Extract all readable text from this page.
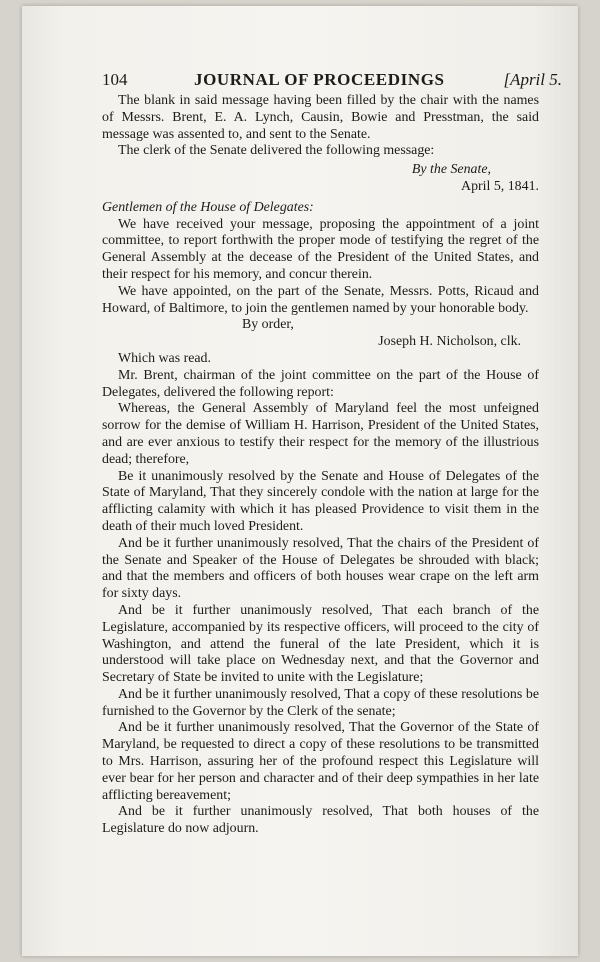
104	JOURNAL OF PROCEEDINGS	[April 5.

The blank in said message having been filled by the chair with the names of Messrs. Brent, E. A. Lynch, Causin, Bowie and Presstman, the said message was assented to, and sent to the Senate.

The clerk of the Senate delivered the following message:

By the Senate,

April 5, 1841.

Gentlemen of the House of Delegates:

We have received your message, proposing the appointment of a joint committee, to report forthwith the proper mode of testifying the regret of the General Assembly at the decease of the President of the United States, and their respect for his memory, and concur therein.

We have appointed, on the part of the Senate, Messrs. Potts, Ricaud and Howard, of Baltimore, to join the gentlemen named by your honorable body.

By order,

Joseph H. Nicholson, clk.

Which was read.

Mr. Brent, chairman of the joint committee on the part of the House of Delegates, delivered the following report:

Whereas, the General Assembly of Maryland feel the most unfeigned sorrow for the demise of William H. Harrison, President of the United States, and are ever anxious to testify their respect for the memory of the illustrious dead; therefore,

Be it unanimously resolved by the Senate and House of Delegates of the State of Maryland, That they sincerely condole with the nation at large for the afflicting calamity with which it has pleased Providence to visit them in the death of their much loved President.

And be it further unanimously resolved, That the chairs of the President of the Senate and Speaker of the House of Delegates be shrouded with black; and that the members and officers of both houses wear crape on the left arm for sixty days.

And be it further unanimously resolved, That each branch of the Legislature, accompanied by its respective officers, will proceed to the city of Washington, and attend the funeral of the late President, which it is understood will take place on Wednesday next, and that the Governor and Secretary of State be invited to unite with the Legislature;

And be it further unanimously resolved, That a copy of these resolutions be furnished to the Governor by the Clerk of the senate;

And be it further unanimously resolved, That the Governor of the State of Maryland, be requested to direct a copy of these resolutions to be transmitted to Mrs. Harrison, assuring her of the profound respect this Legislature will ever bear for her person and character and of their deep sympathies in her late afflicting bereavement;

And be it further unanimously resolved, That both houses of the Legislature do now adjourn.
